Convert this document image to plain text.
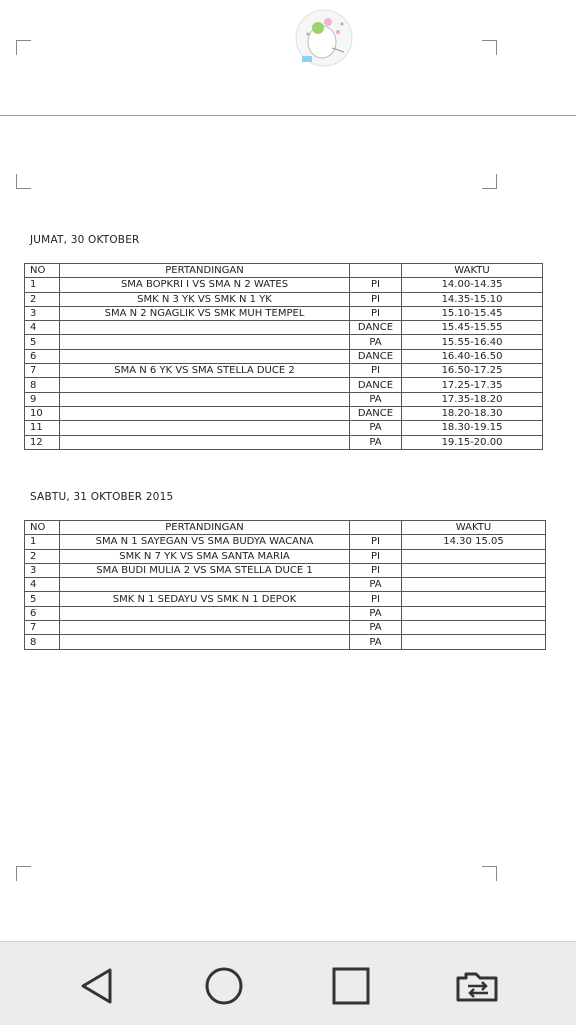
JUMAT, 30 OKTOBER
NO	PERTANDINGAN		WAKTU
1	SMA BOPKRI I VS SMA N 2 WATES	PI	14.00-14.35
2	SMK N 3 YK VS SMK N 1 YK	PI	14.35-15.10
3	SMA N 2 NGAGLIK VS SMK MUH TEMPEL	PI	15.10-15.45
4		DANCE	15.45-15.55
5		PA	15.55-16.40
6		DANCE	16.40-16.50
7	SMA N 6 YK VS SMA STELLA DUCE 2	PI	16.50-17.25
8		DANCE	17.25-17.35
9		PA	17.35-18.20
10		DANCE	18.20-18.30
11		PA	18.30-19.15
12		PA	19.15-20.00
SABTU, 31 OKTOBER 2015
NO	PERTANDINGAN		WAKTU
1	SMA N 1 SAYEGAN VS SMA BUDYA WACANA	PI	14.30 15.05
2	SMK N 7 YK VS SMA SANTA MARIA	PI	
3	SMA BUDI MULIA 2 VS SMA STELLA DUCE 1	PI	
4		PA	
5	SMK N 1 SEDAYU VS SMK N 1 DEPOK	PI	
6		PA	
7		PA	
8		PA	
